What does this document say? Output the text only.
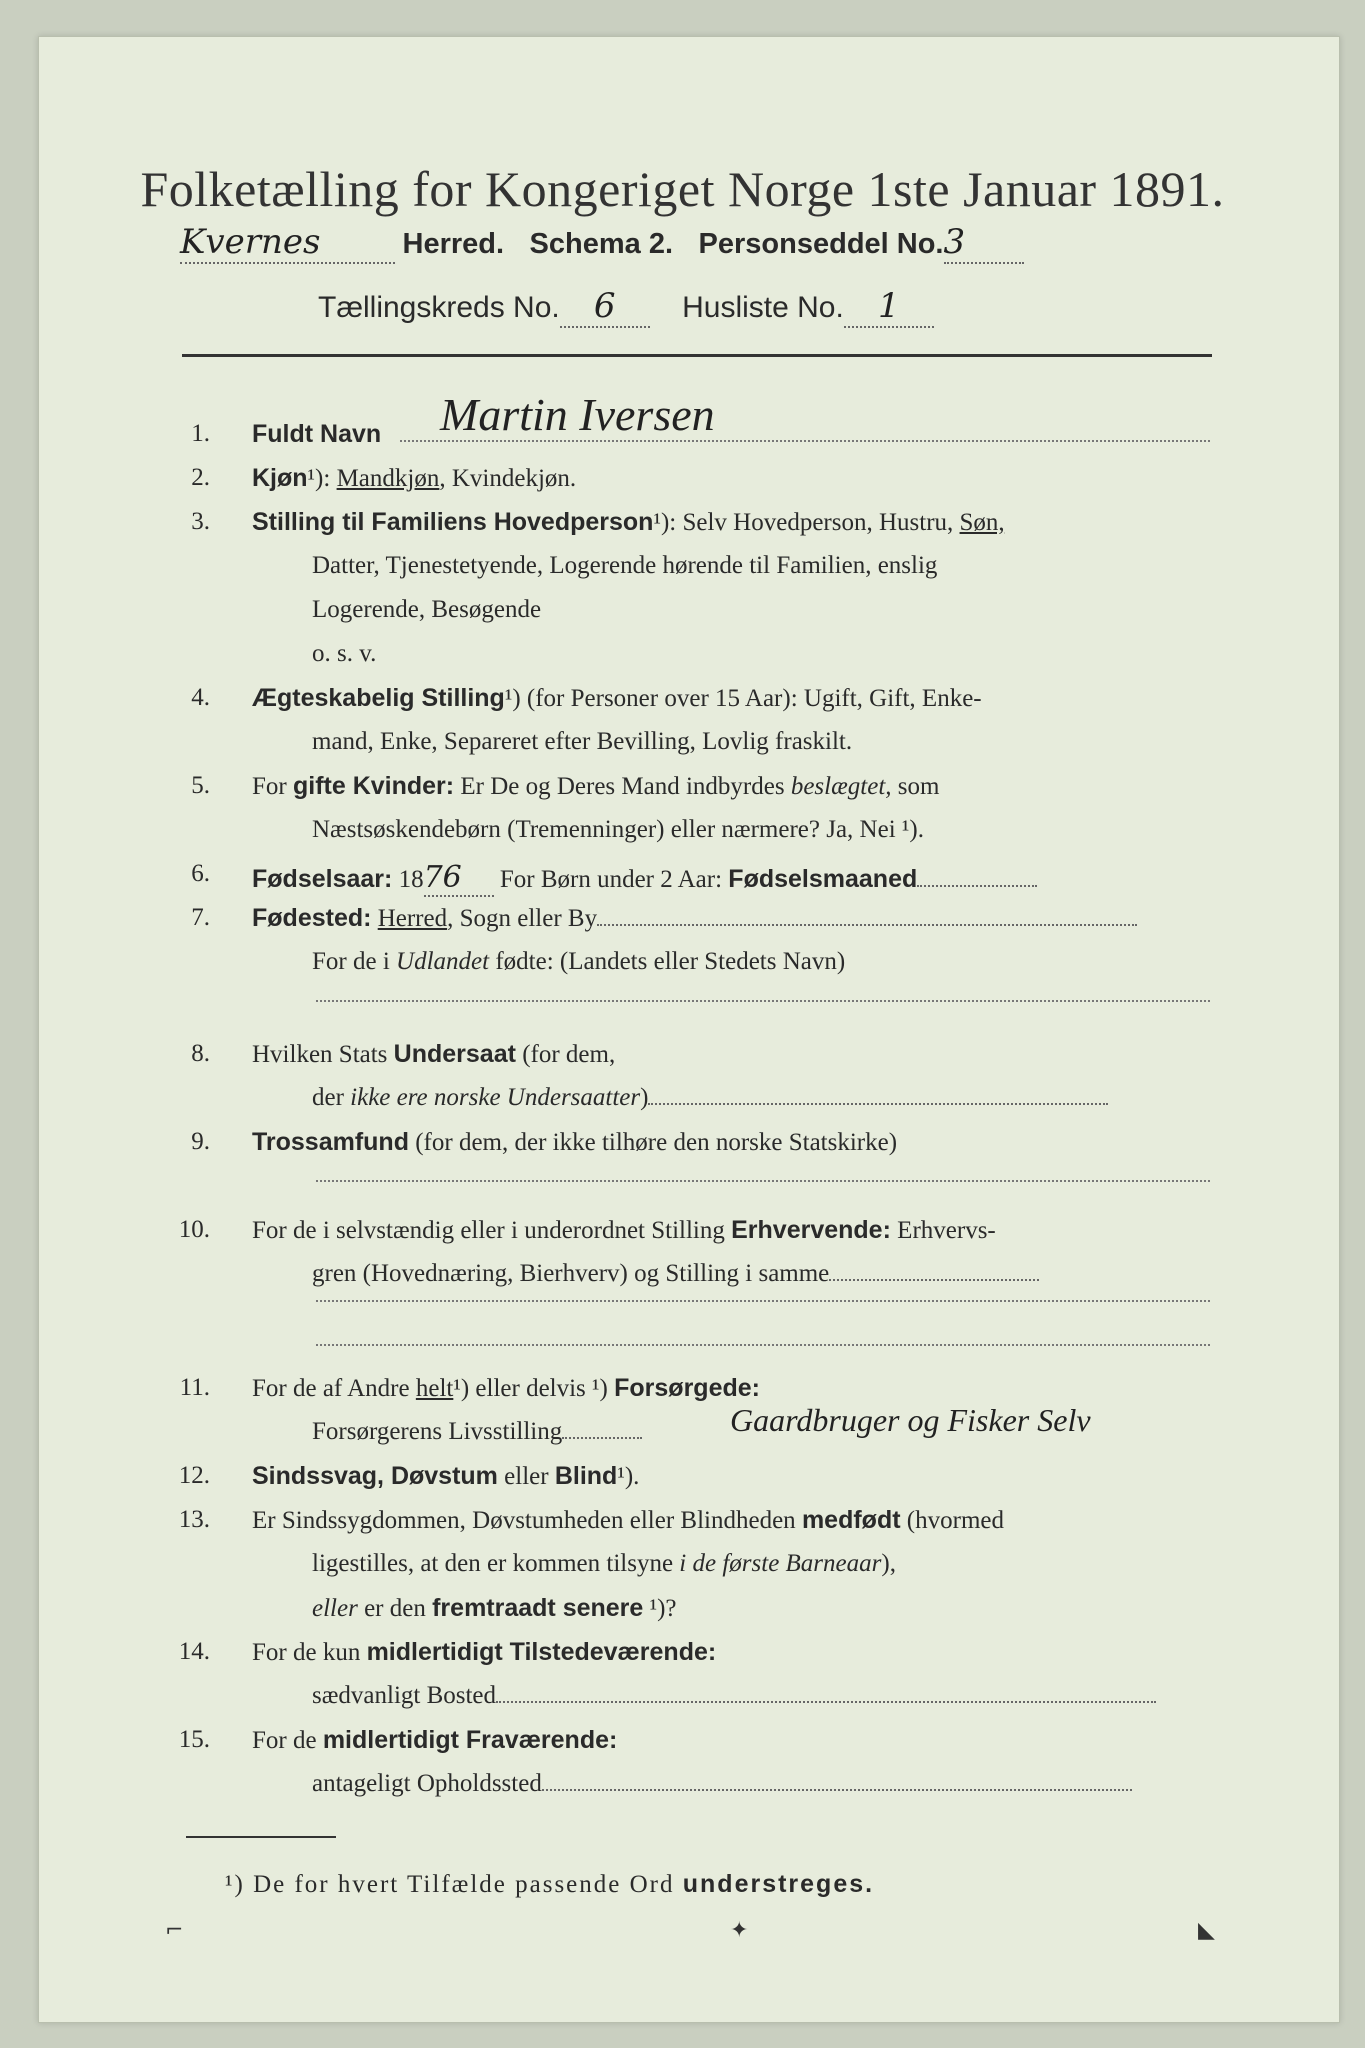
Folketælling for Kongeriget Norge 1ste Januar 1891.
Kvernes	Herred. Schema 2. Personseddel No.3
Tællingskreds No. 6 Husliste No. 1
1. Fuldt Navn Martin Iversen
2. Kjøn¹): Mandkjøn, Kvindekjøn.
3. Stilling til Familiens Hovedperson¹): Selv Hovedperson, Hustru, Søn,
Datter, Tjenestetyende, Logerende hørende til Familien, enslig
Logerende, Besøgende
o. s. v.
4. Ægteskabelig Stilling¹) (for Personer over 15 Aar): Ugift, Gift, Enke-
mand, Enke, Separeret efter Bevilling, Lovlig fraskilt.
5. For gifte Kvinder: Er De og Deres Mand indbyrdes beslægtet, som
Næstsøskendebørn (Tremenninger) eller nærmere? Ja, Nei ¹).
6. Fødselsaar: 1876 For Børn under 2 Aar: Fødselsmaaned
7. Fødested: Herred, Sogn eller By
For de i Udlandet fødte: (Landets eller Stedets Navn)
8. Hvilken Stats Undersaat (for dem,
der ikke ere norske Undersaatter)
9. Trossamfund (for dem, der ikke tilhøre den norske Statskirke)
10. For de i selvstændig eller i underordnet Stilling Erhvervende: Erhvervs-
gren (Hovednæring, Bierhverv) og Stilling i samme
11. For de af Andre helt¹) eller delvis ¹) Forsørgede:
Forsørgerens Livsstilling	Gaardbruger og Fisker Selv
12. Sindssvag, Døvstum eller Blind¹).
13. Er Sindssygdommen, Døvstumheden eller Blindheden medfødt (hvormed
ligestilles, at den er kommen tilsyne i de første Barneaar),
eller er den fremtraadt senere ¹)?
14. For de kun midlertidigt Tilstedeværende:
sædvanligt Bosted
15. For de midlertidigt Fraværende:
antageligt Opholdssted
¹) De for hvert Tilfælde passende Ord understreges.
⌐	✦	◣
